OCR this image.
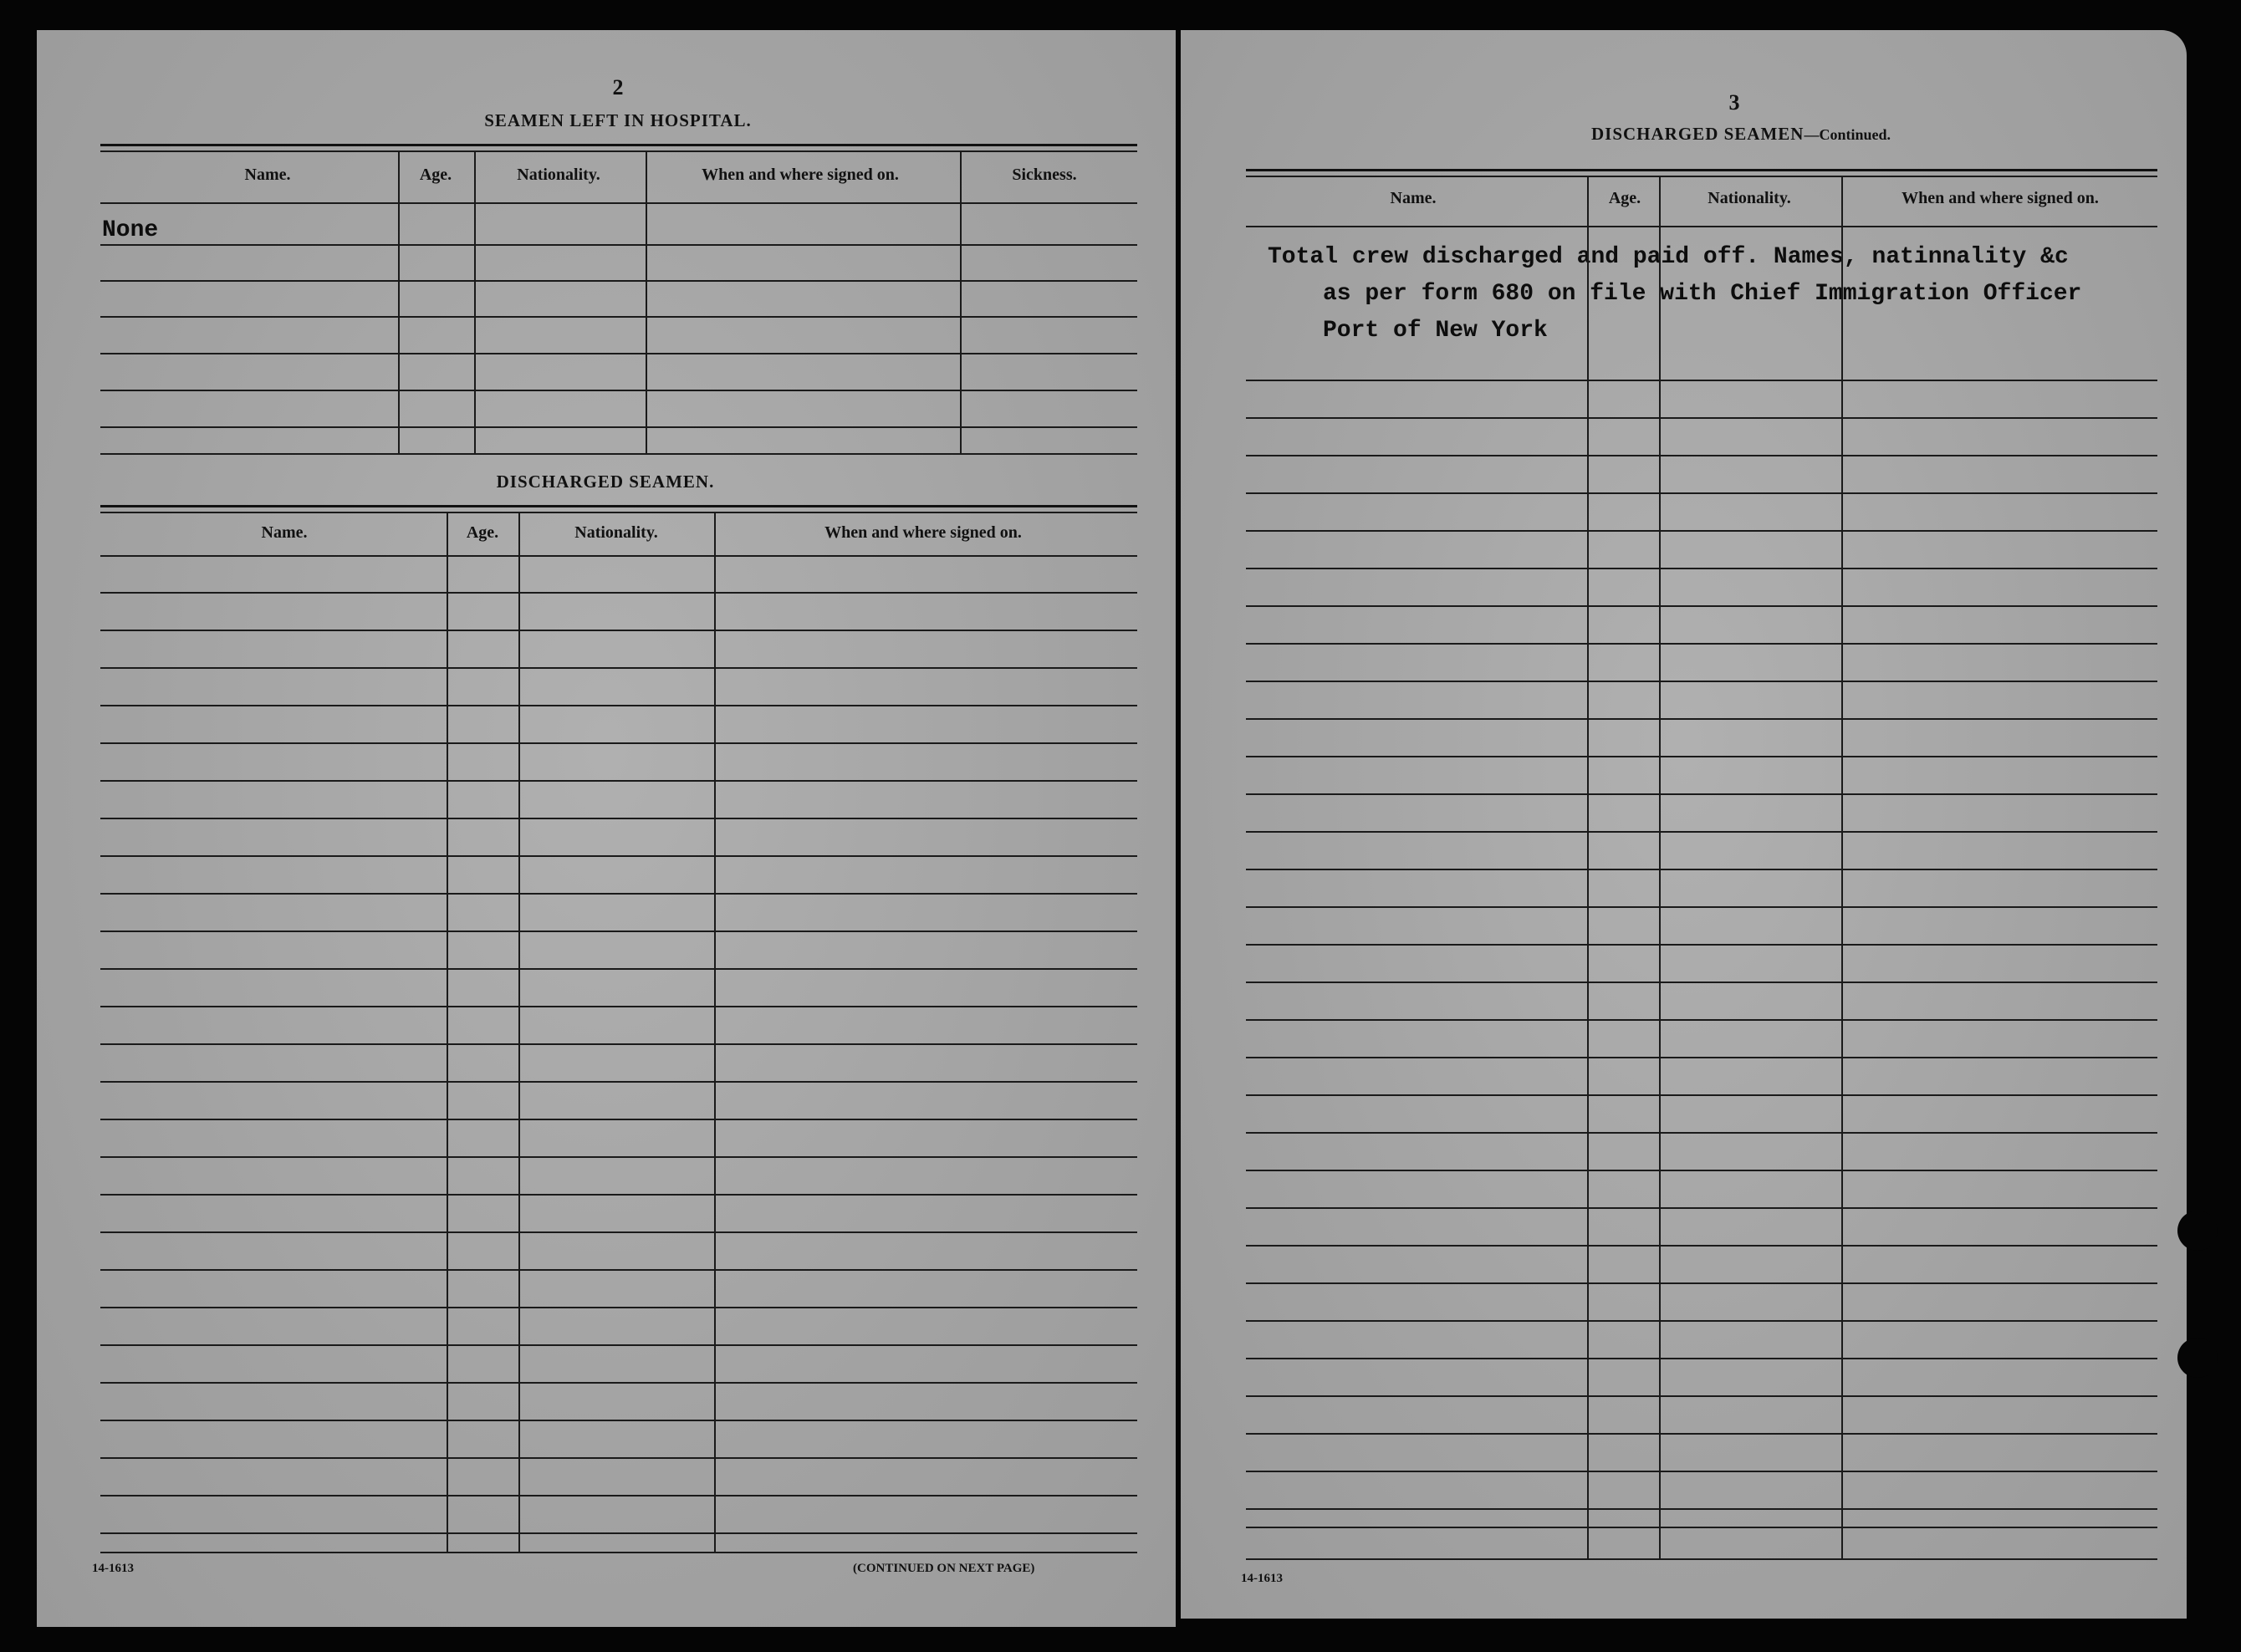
2
SEAMEN LEFT IN HOSPITAL.
Name.	Age.	Nationality.	When and where signed on.	Sickness.
None
DISCHARGED SEAMEN.
Name.	Age.	Nationality.	When and where signed on.
14-1613	(CONTINUED ON NEXT PAGE)
3
DISCHARGED SEAMEN—Continued.
Name.	Age.	Nationality.	When and where signed on.
Total crew discharged and paid off. Names, natinnality &c
as per form 680 on file with Chief Immigration Officer
Port of New York
14-1613
